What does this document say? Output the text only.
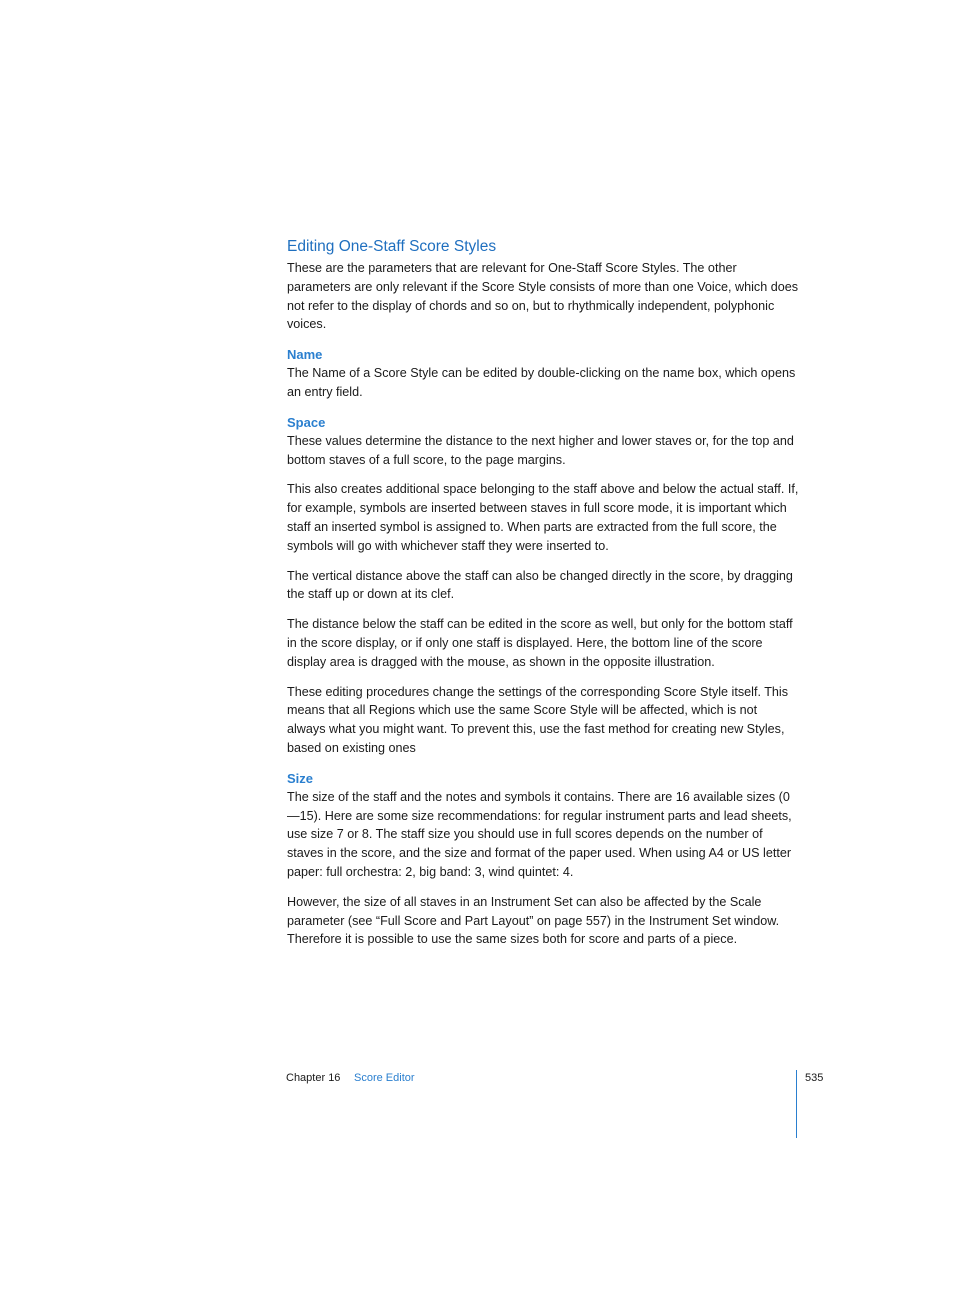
Editing One-Staff Score Styles

These are the parameters that are relevant for One-Staff Score Styles. The other parameters are only relevant if the Score Style consists of more than one Voice, which does not refer to the display of chords and so on, but to rhythmically independent, polyphonic voices.

Name

The Name of a Score Style can be edited by double-clicking on the name box, which opens an entry field.

Space

These values determine the distance to the next higher and lower staves or, for the top and bottom staves of a full score, to the page margins.

This also creates additional space belonging to the staff above and below the actual staff. If, for example, symbols are inserted between staves in full score mode, it is important which staff an inserted symbol is assigned to. When parts are extracted from the full score, the symbols will go with whichever staff they were inserted to.

The vertical distance above the staff can also be changed directly in the score, by dragging the staff up or down at its clef.

The distance below the staff can be edited in the score as well, but only for the bottom staff in the score display, or if only one staff is displayed. Here, the bottom line of the score display area is dragged with the mouse, as shown in the opposite illustration.

These editing procedures change the settings of the corresponding Score Style itself. This means that all Regions which use the same Score Style will be affected, which is not always what you might want. To prevent this, use the fast method for creating new Styles, based on existing ones

Size

The size of the staff and the notes and symbols it contains. There are 16 available sizes (0—15). Here are some size recommendations: for regular instrument parts and lead sheets, use size 7 or 8. The staff size you should use in full scores depends on the number of staves in the score, and the size and format of the paper used. When using A4 or US letter paper: full orchestra: 2, big band: 3, wind quintet: 4.

However, the size of all staves in an Instrument Set can also be affected by the Scale parameter (see “Full Score and Part Layout” on page 557) in the Instrument Set window. Therefore it is possible to use the same sizes both for score and parts of a piece.

Chapter 16 Score Editor	535
